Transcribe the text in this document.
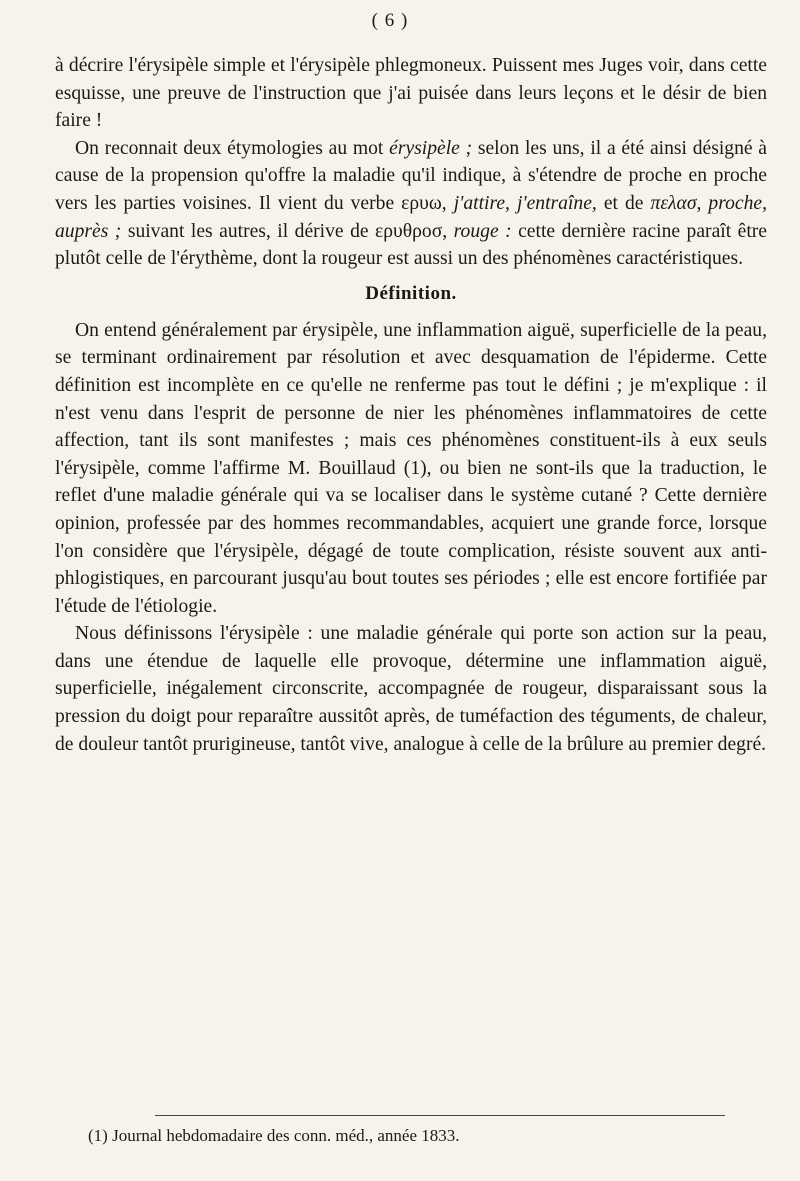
( 6 )

à décrire l'érysipèle simple et l'érysipèle phlegmoneux. Puissent mes Juges voir, dans cette esquisse, une preuve de l'instruction que j'ai puisée dans leurs leçons et le désir de bien faire !

On reconnait deux étymologies au mot érysipèle ; selon les uns, il a été ainsi désigné à cause de la propension qu'offre la maladie qu'il indique, à s'étendre de proche en proche vers les parties voisines. Il vient du verbe ερυω, j'attire, j'entraîne, et de πελασ, proche, auprès ; suivant les autres, il dérive de ερυθροσ, rouge : cette dernière racine paraît être plutôt celle de l'érythème, dont la rougeur est aussi un des phénomènes caractéristiques.

Définition.

On entend généralement par érysipèle, une inflammation aiguë, superficielle de la peau, se terminant ordinairement par résolution et avec desquamation de l'épiderme. Cette définition est incomplète en ce qu'elle ne renferme pas tout le défini ; je m'explique : il n'est venu dans l'esprit de personne de nier les phénomènes inflammatoires de cette affection, tant ils sont manifestes ; mais ces phénomènes constituent-ils à eux seuls l'érysipèle, comme l'affirme M. Bouillaud (1), ou bien ne sont-ils que la traduction, le reflet d'une maladie générale qui va se localiser dans le système cutané ? Cette dernière opinion, professée par des hommes recommandables, acquiert une grande force, lorsque l'on considère que l'érysipèle, dégagé de toute complication, résiste souvent aux anti-phlogistiques, en parcourant jusqu'au bout toutes ses périodes ; elle est encore fortifiée par l'étude de l'étiologie.

Nous définissons l'érysipèle : une maladie générale qui porte son action sur la peau, dans une étendue de laquelle elle provoque, détermine une inflammation aiguë, superficielle, inégalement circonscrite, accompagnée de rougeur, disparaissant sous la pression du doigt pour reparaître aussitôt après, de tuméfaction des téguments, de chaleur, de douleur tantôt prurigineuse, tantôt vive, analogue à celle de la brûlure au premier degré.

(1) Journal hebdomadaire des conn. méd., année 1833.
